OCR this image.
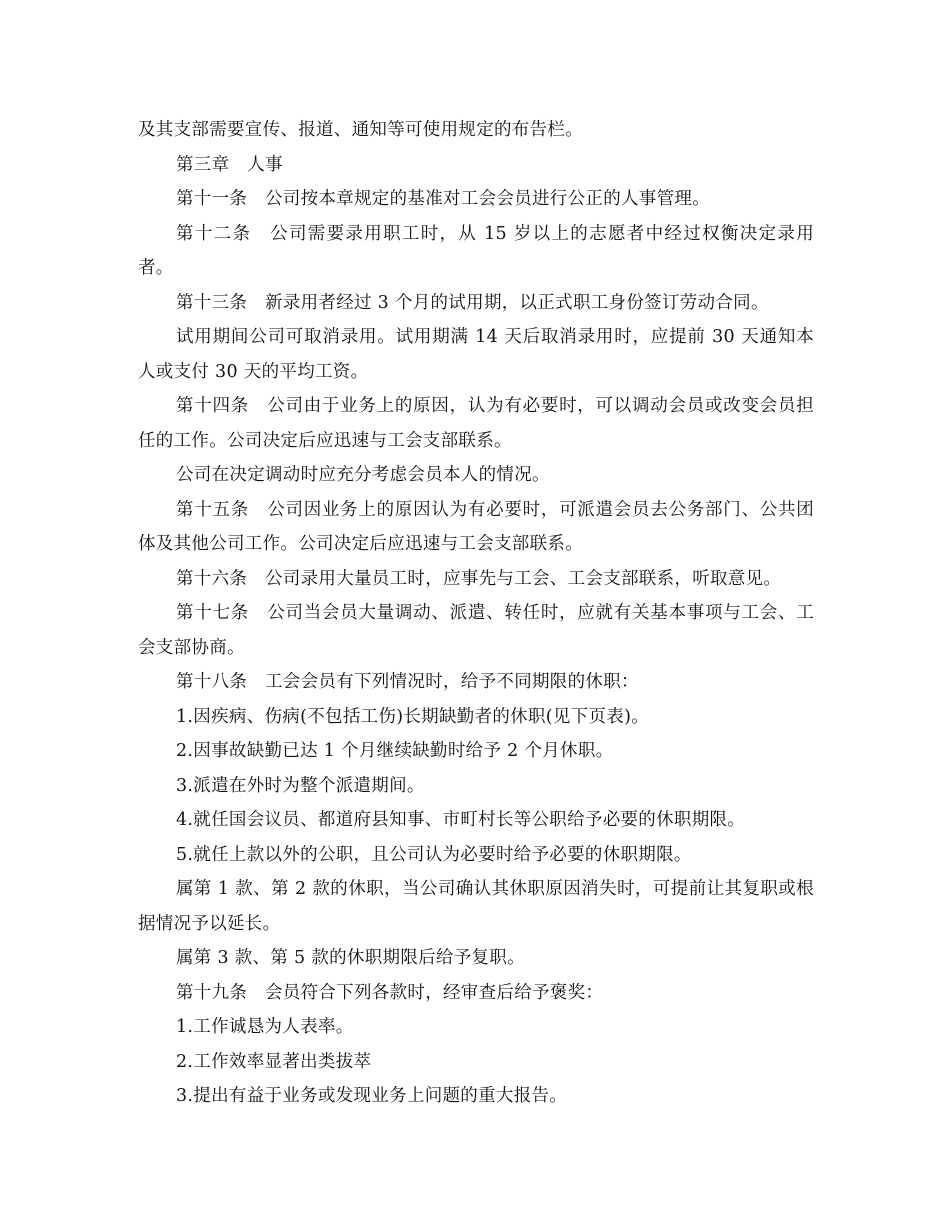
及其支部需要宣传、报道、通知等可使用规定的布告栏。

第三章　人事

第十一条　公司按本章规定的基准对工会会员进行公正的人事管理。

第十二条　公司需要录用职工时，从 15 岁以上的志愿者中经过权衡决定录用者。

第十三条　新录用者经过 3 个月的试用期，以正式职工身份签订劳动合同。

试用期间公司可取消录用。试用期满 14 天后取消录用时，应提前 30 天通知本人或支付 30 天的平均工资。

第十四条　公司由于业务上的原因，认为有必要时，可以调动会员或改变会员担任的工作。公司决定后应迅速与工会支部联系。

公司在决定调动时应充分考虑会员本人的情况。

第十五条　公司因业务上的原因认为有必要时，可派遣会员去公务部门、公共团体及其他公司工作。公司决定后应迅速与工会支部联系。

第十六条　公司录用大量员工时，应事先与工会、工会支部联系，听取意见。

第十七条　公司当会员大量调动、派遣、转任时，应就有关基本事项与工会、工会支部协商。

第十八条　工会会员有下列情况时，给予不同期限的休职：

1.因疾病、伤病(不包括工伤)长期缺勤者的休职(见下页表)。

2.因事故缺勤已达 1 个月继续缺勤时给予 2 个月休职。

3.派遣在外时为整个派遣期间。

4.就任国会议员、都道府县知事、市町村长等公职给予必要的休职期限。

5.就任上款以外的公职，且公司认为必要时给予必要的休职期限。

属第 1 款、第 2 款的休职，当公司确认其休职原因消失时，可提前让其复职或根据情况予以延长。

属第 3 款、第 5 款的休职期限后给予复职。

第十九条　会员符合下列各款时，经审查后给予褒奖：

1.工作诚恳为人表率。

2.工作效率显著出类拔萃

3.提出有益于业务或发现业务上问题的重大报告。
